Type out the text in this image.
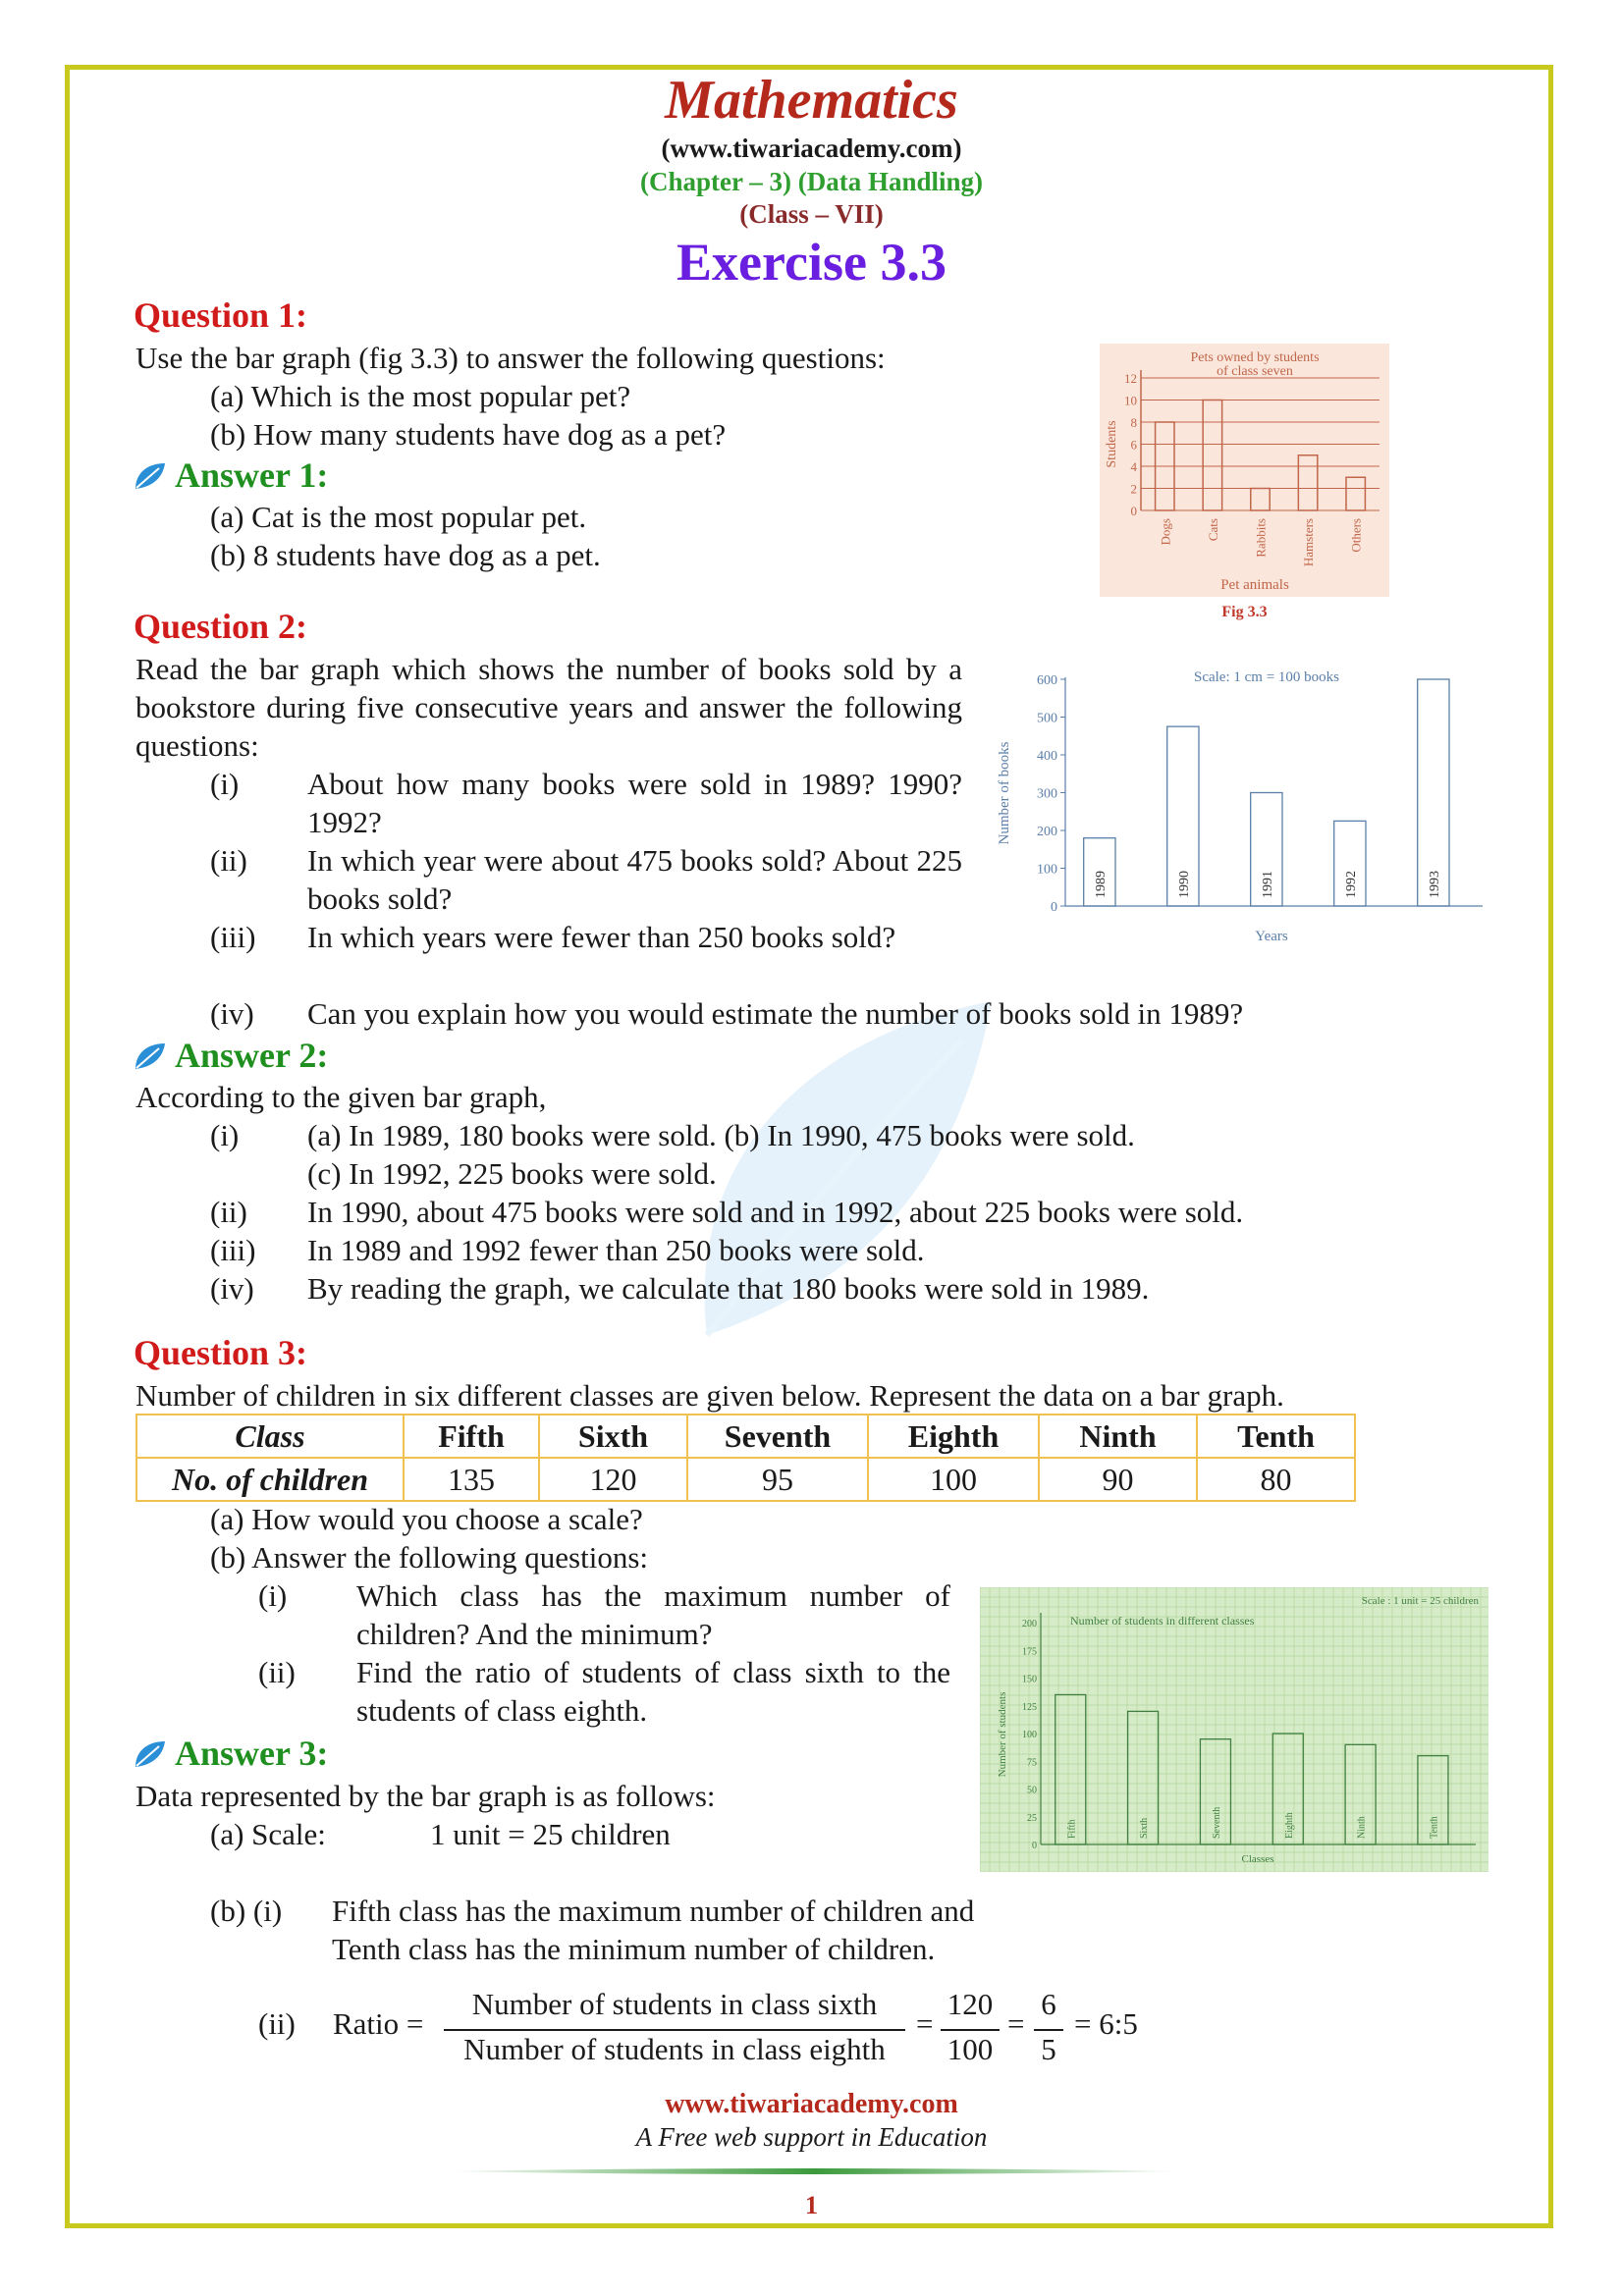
Mathematics
(www.tiwariacademy.com)
(Chapter – 3) (Data Handling)
(Class – VII)
Exercise 3.3
Question 1:
Use the bar graph (fig 3.3) to answer the following questions:
(a) Which is the most popular pet?
(b) How many students have dog as a pet?
Answer 1:
(a) Cat is the most popular pet.
(b) 8 students have dog as a pet.
Pets owned by students
of class seven
0
2
4
6
8
10
12
Students
Dogs	Cats	Rabbits	Hamsters	Others
Pet animals
Fig 3.3
Question 2:
Read the bar graph which shows the number of books sold by a bookstore during five consecutive years and answer the following questions:
(i) About how many books were sold in 1989? 1990? 1992?
(ii) In which year were about 475 books sold? About 225 books sold?
(iii) In which years were fewer than 250 books sold?
(iv) Can you explain how you would estimate the number of books sold in 1989?
Scale: 1 cm = 100 books
0
100
200
300
400
500
600
Number of books
1989	1990	1991	1992	1993
Years
Answer 2:
According to the given bar graph,
(i) (a) In 1989, 180 books were sold. (b) In 1990, 475 books were sold.
(c) In 1992, 225 books were sold.
(ii) In 1990, about 475 books were sold and in 1992, about 225 books were sold.
(iii) In 1989 and 1992 fewer than 250 books were sold.
(iv) By reading the graph, we calculate that 180 books were sold in 1989.
Question 3:
Number of children in six different classes are given below. Represent the data on a bar graph.
Class	Fifth	Sixth	Seventh	Eighth	Ninth	Tenth
No. of children	135	120	95	100	90	80
(a) How would you choose a scale?
(b) Answer the following questions:
(i) Which class has the maximum number of children? And the minimum?
(ii) Find the ratio of students of class sixth to the students of class eighth.
Number of students in different classes
Scale : 1 unit = 25 children
0
25
50
75
100
125
150
175
200
Number of students
Fifth	Sixth	Seventh	Eighth	Ninth	Tenth
Classes
Answer 3:
Data represented by the bar graph is as follows:
(a) Scale:	1 unit = 25 children
(b) (i) Fifth class has the maximum number of children and
Tenth class has the minimum number of children.
(ii) Ratio =
Number of students in class sixth
Number of students in class eighth
=
120
100
=
6
5
= 6:5
www.tiwariacademy.com
A Free web support in Education
1
